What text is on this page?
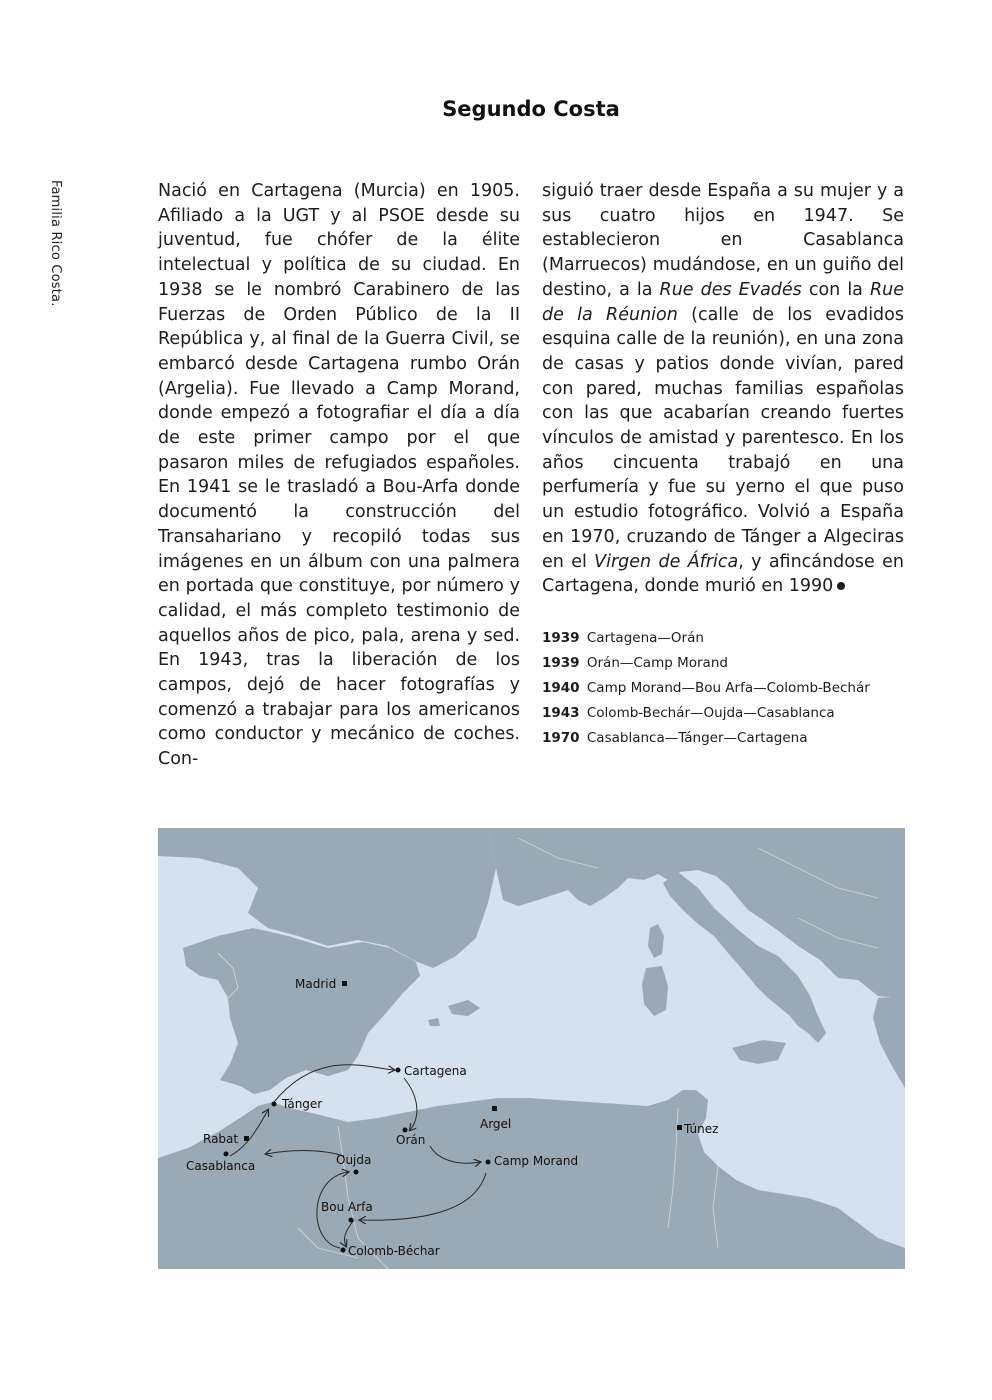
Familia Rico Costa.
Segundo Costa

Nació en Cartagena (Murcia) en 1905. Afiliado a la UGT y al PSOE desde su juventud, fue chófer de la élite intelectual y política de su ciudad. En 1938 se le nombró Carabinero de las Fuerzas de Orden Público de la II República y, al final de la Guerra Civil, se embarcó desde Cartagena rumbo Orán (Argelia). Fue llevado a Camp Morand, donde empezó a fotografiar el día a día de este primer campo por el que pasaron miles de refugiados españoles. En 1941 se le trasladó a Bou-Arfa donde documentó la construcción del Transahariano y recopiló todas sus imágenes en un álbum con una palmera en portada que constituye, por número y calidad, el más completo testimonio de aquellos años de pico, pala, arena y sed. En 1943, tras la liberación de los campos, dejó de hacer fotografías y comenzó a trabajar para los americanos como conductor y mecánico de coches. Con-

siguió traer desde España a su mujer y a sus cuatro hijos en 1947. Se establecieron en Casablanca (Marruecos) mudándose, en un guiño del destino, a la Rue des Evadés con la Rue de la Réunion (calle de los evadidos esquina calle de la reunión), en una zona de casas y patios donde vivían, pared con pared, muchas familias españolas con las que acabarían creando fuertes vínculos de amistad y parentesco. En los años cincuenta trabajó en una perfumería y fue su yerno el que puso un estudio fotográfico. Volvió a España en 1970, cruzando de Tánger a Algeciras en el Virgen de África, y afincándose en Cartagena, donde murió en 1990

1939 Cartagena—Orán
1939 Orán—Camp Morand
1940 Camp Morand—Bou Arfa—Colomb-Bechár
1943 Colomb-Bechár—Oujda—Casablanca
1970 Casablanca—Tánger—Cartagena
Madrid
Cartagena
Tánger
Rabat
Casablanca
Orán
Argel
Camp Morand
Oujda
Bou Arfa
Colomb-Béchar
Túnez
